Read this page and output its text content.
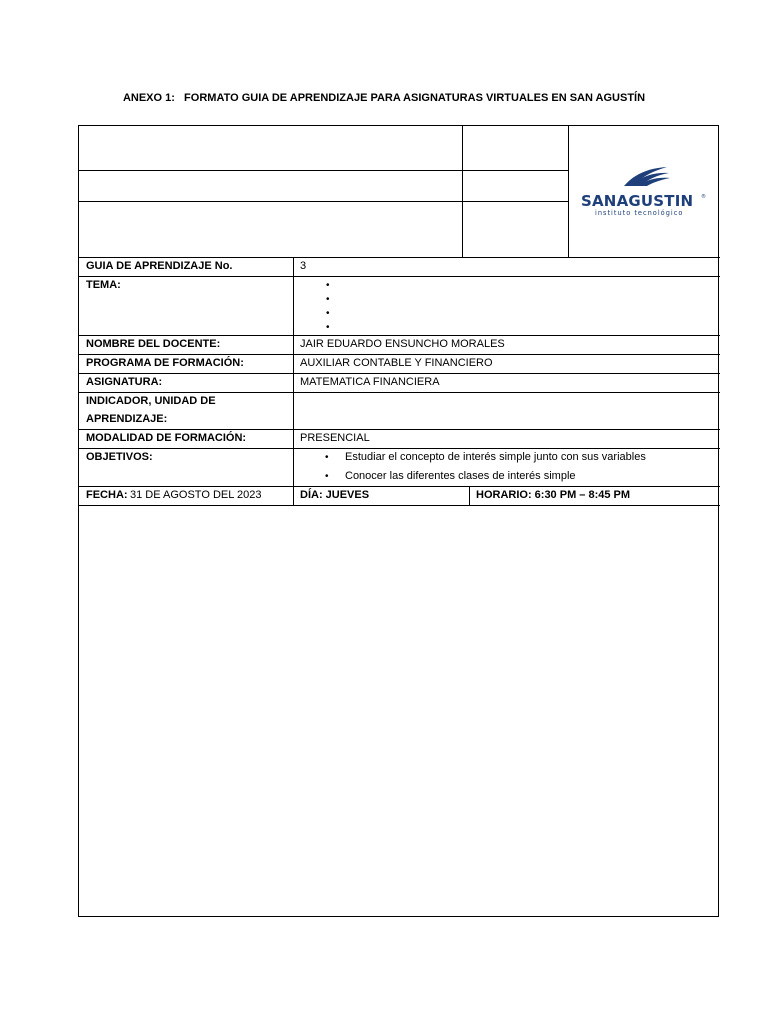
ANEXO 1:   FORMATO GUIA DE APRENDIZAJE PARA ASIGNATURAS VIRTUALES EN SAN AGUSTÍN
SANAGUSTIN ®
instituto tecnológico
GUIA DE APRENDIZAJE No.	3
TEMA:	•
•
•
•
NOMBRE DEL DOCENTE:	JAIR EDUARDO ENSUNCHO MORALES
PROGRAMA DE FORMACIÓN:	AUXILIAR CONTABLE Y FINANCIERO
ASIGNATURA:	MATEMATICA FINANCIERA
INDICADOR, UNIDAD DE
APRENDIZAJE:
MODALIDAD DE FORMACIÓN:	PRESENCIAL
OBJETIVOS:	• Estudiar el concepto de interés simple junto con sus variables
• Conocer las diferentes clases de interés simple
FECHA: 31 DE AGOSTO DEL 2023	DÍA: JUEVES	HORARIO: 6:30 PM – 8:45 PM
